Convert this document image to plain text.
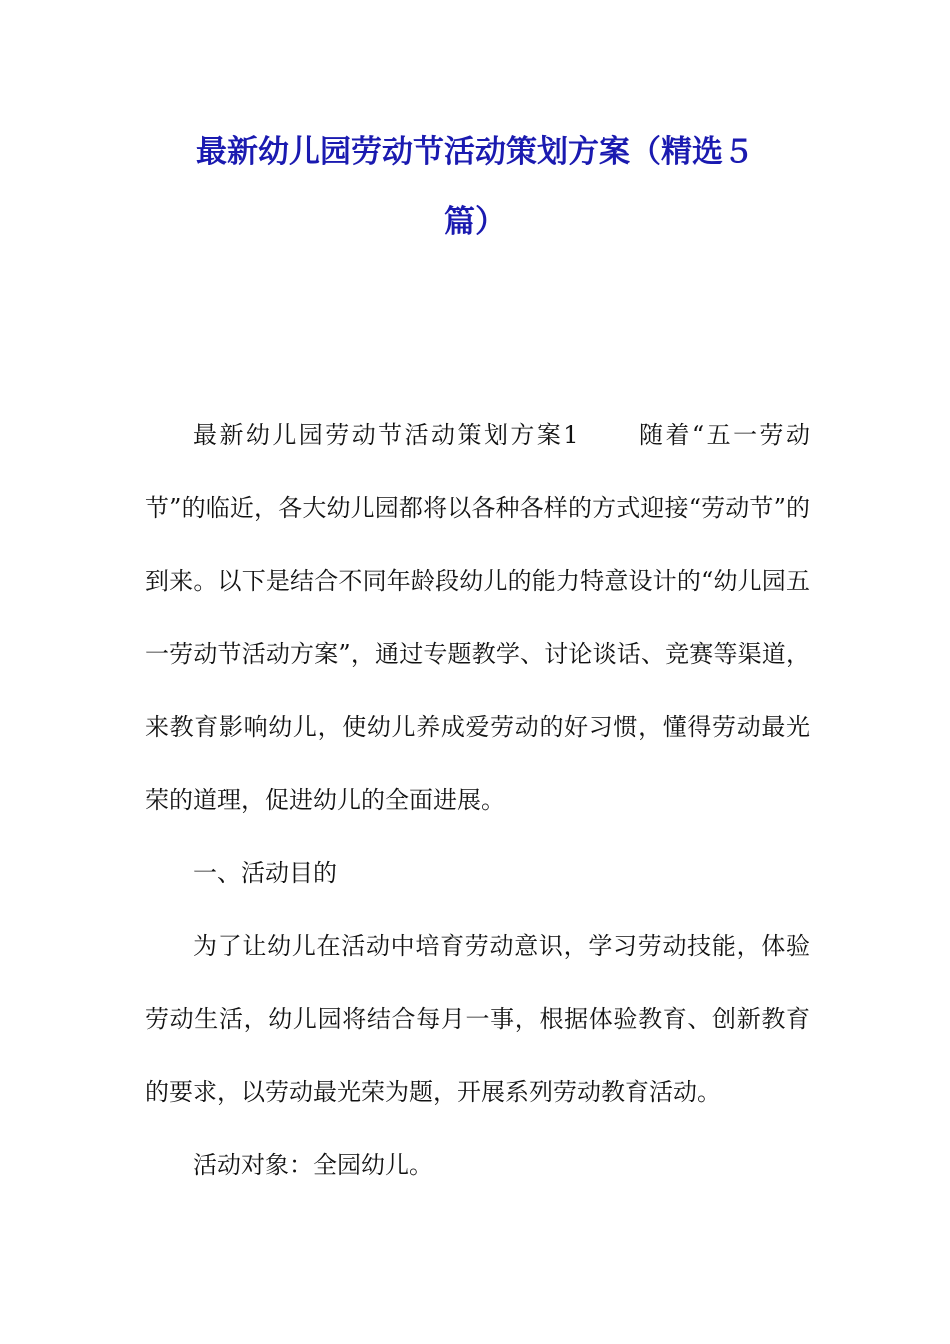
最新幼儿园劳动节活动策划方案（精选５
篇）

最新幼儿园劳动节活动策划方案1 随着“五一劳动节”的临近，各大幼儿园都将以各种各样的方式迎接“劳动节”的到来。以下是结合不同年龄段幼儿的能力特意设计的“幼儿园五一劳动节活动方案”，通过专题教学、讨论谈话、竞赛等渠道，来教育影响幼儿，使幼儿养成爱劳动的好习惯，懂得劳动最光荣的道理，促进幼儿的全面进展。

一、活动目的

为了让幼儿在活动中培育劳动意识，学习劳动技能，体验劳动生活，幼儿园将结合每月一事，根据体验教育、创新教育的要求，以劳动最光荣为题，开展系列劳动教育活动。

活动对象：全园幼儿。
